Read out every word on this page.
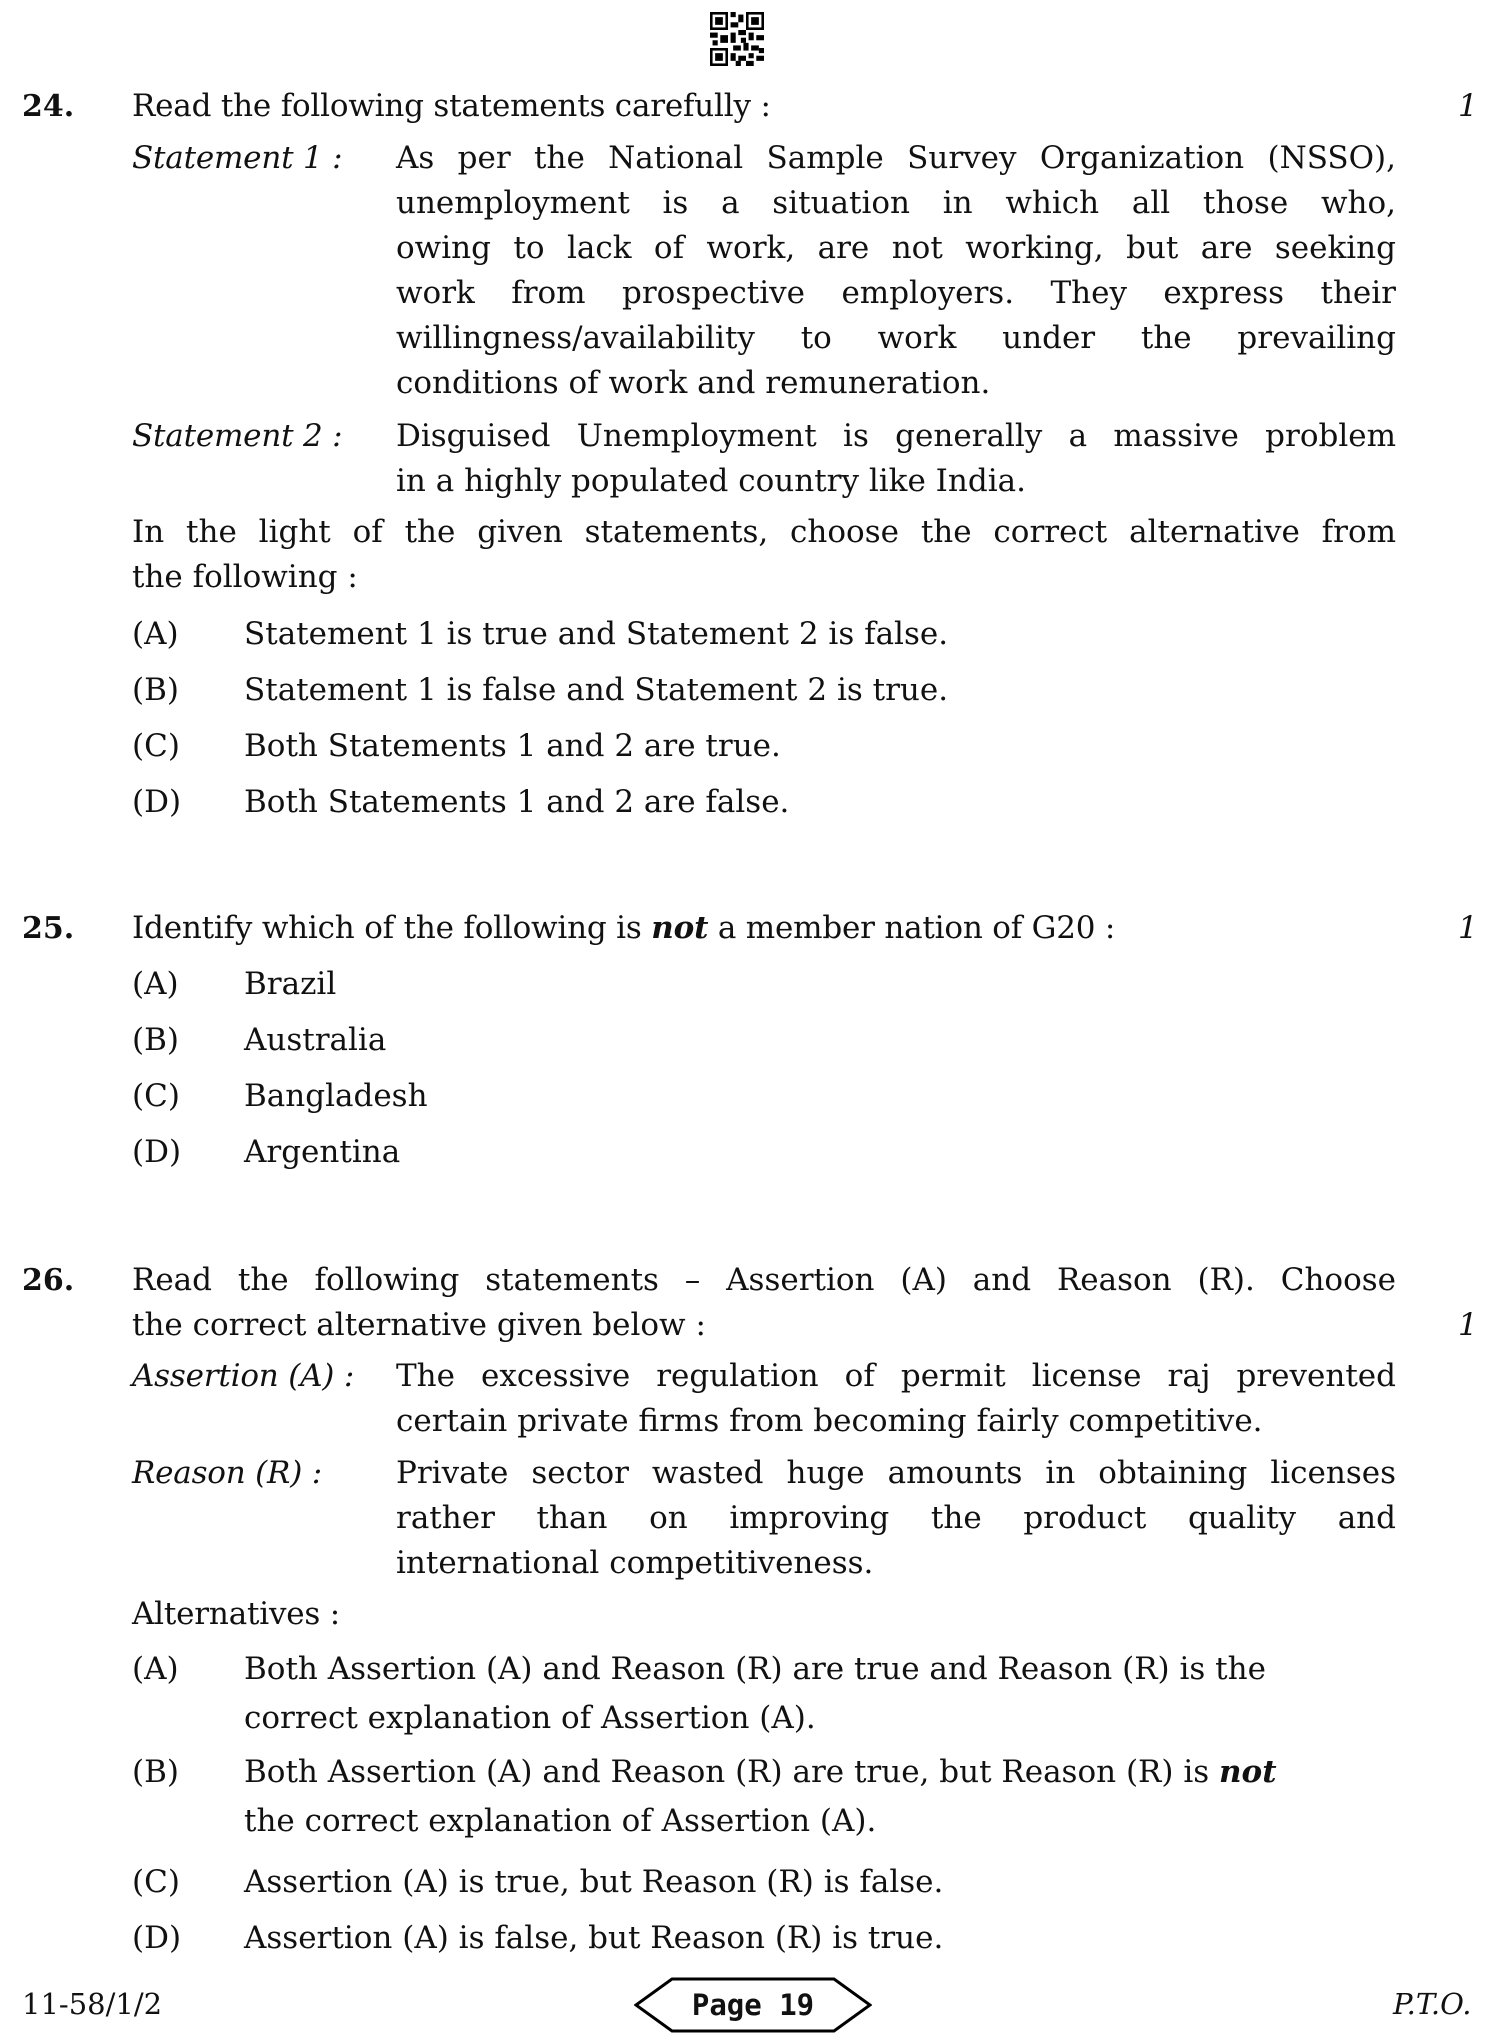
24. Read the following statements carefully :	1
Statement 1 : As per the National Sample Survey Organization (NSSO),
unemployment is a situation in which all those who,
owing to lack of work, are not working, but are seeking
work from prospective employers. They express their
willingness/availability to work under the prevailing
conditions of work and remuneration.
Statement 2 : Disguised Unemployment is generally a massive problem
in a highly populated country like India.
In the light of the given statements, choose the correct alternative from
the following :
(A) Statement 1 is true and Statement 2 is false.
(B) Statement 1 is false and Statement 2 is true.
(C) Both Statements 1 and 2 are true.
(D) Both Statements 1 and 2 are false.
25. Identify which of the following is not a member nation of G20 :	1
(A) Brazil
(B) Australia
(C) Bangladesh
(D) Argentina
26. Read the following statements – Assertion (A) and Reason (R). Choose
the correct alternative given below :	1
Assertion (A) : The excessive regulation of permit license raj prevented
certain private firms from becoming fairly competitive.
Reason (R) : Private sector wasted huge amounts in obtaining licenses
rather than on improving the product quality and
international competitiveness.
Alternatives :
(A) Both Assertion (A) and Reason (R) are true and Reason (R) is the
correct explanation of Assertion (A).
(B) Both Assertion (A) and Reason (R) are true, but Reason (R) is not
the correct explanation of Assertion (A).
(C) Assertion (A) is true, but Reason (R) is false.
(D) Assertion (A) is false, but Reason (R) is true.
11-58/1/2	Page 19	P.T.O.
